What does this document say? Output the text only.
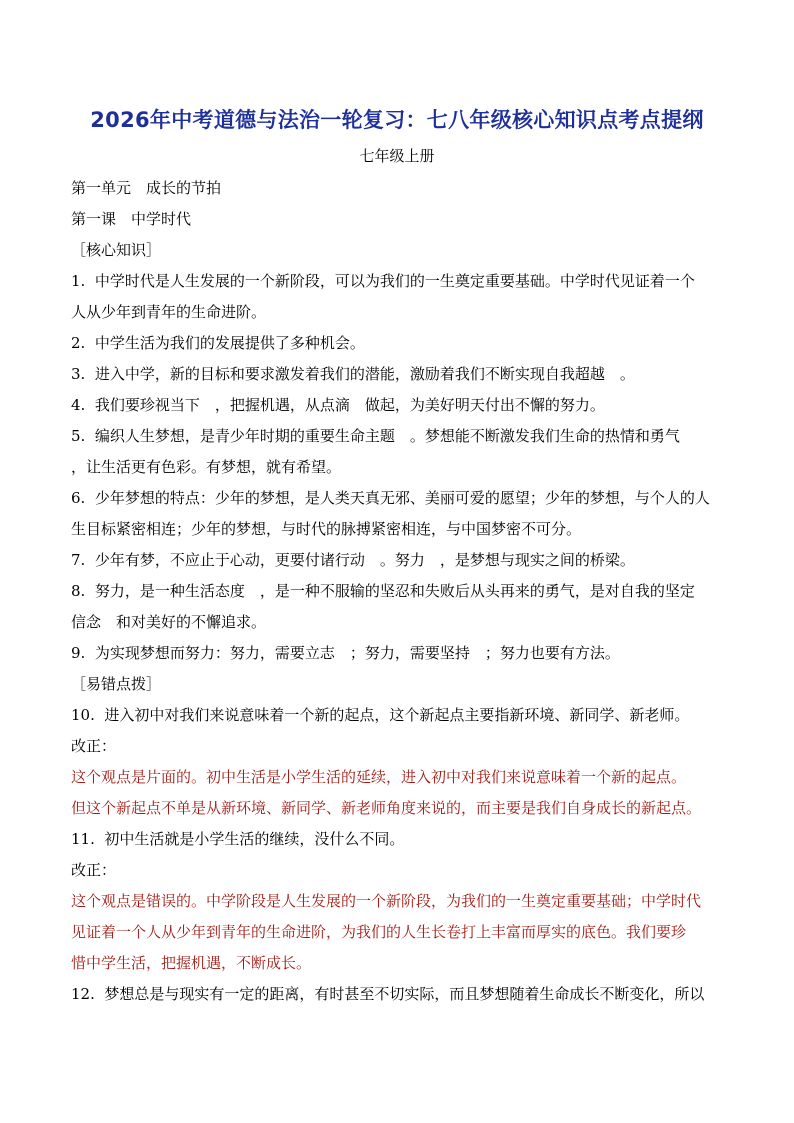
2026年中考道德与法治一轮复习：七八年级核心知识点考点提纲
七年级上册
第一单元　成长的节拍
第一课　中学时代
［核心知识］
1.  中学时代是人生发展的一个新阶段，可以为我们的一生奠定重要基础。中学时代见证着一个
人从少年到青年的生命进阶。
2.  中学生活为我们的发展提供了多种机会。
3.  进入中学，新的目标和要求激发着我们的潜能，激励着我们不断实现自我超越　。
4.  我们要珍视当下　，把握机遇，从点滴　做起，为美好明天付出不懈的努力。
5.  编织人生梦想，是青少年时期的重要生命主题　。梦想能不断激发我们生命的热情和勇气
，让生活更有色彩。有梦想，就有希望。
6.  少年梦想的特点：少年的梦想，是人类天真无邪、美丽可爱的愿望；少年的梦想，与个人的人
生目标紧密相连；少年的梦想，与时代的脉搏紧密相连，与中国梦密不可分。
7.  少年有梦，不应止于心动，更要付诸行动　。努力　，是梦想与现实之间的桥梁。
8.  努力，是一种生活态度　，是一种不服输的坚忍和失败后从头再来的勇气，是对自我的坚定
信念　和对美好的不懈追求。
9.  为实现梦想而努力：努力，需要立志　；努力，需要坚持　；努力也要有方法。
［易错点拨］
10.  进入初中对我们来说意味着一个新的起点，这个新起点主要指新环境、新同学、新老师。
改正：
这个观点是片面的。初中生活是小学生活的延续，进入初中对我们来说意味着一个新的起点。
但这个新起点不单是从新环境、新同学、新老师角度来说的，而主要是我们自身成长的新起点。
11.  初中生活就是小学生活的继续，没什么不同。
改正：
这个观点是错误的。中学阶段是人生发展的一个新阶段，为我们的一生奠定重要基础；中学时代
见证着一个人从少年到青年的生命进阶，为我们的人生长卷打上丰富而厚实的底色。我们要珍
惜中学生活，把握机遇，不断成长。
12.  梦想总是与现实有一定的距离，有时甚至不切实际，而且梦想随着生命成长不断变化，所以
